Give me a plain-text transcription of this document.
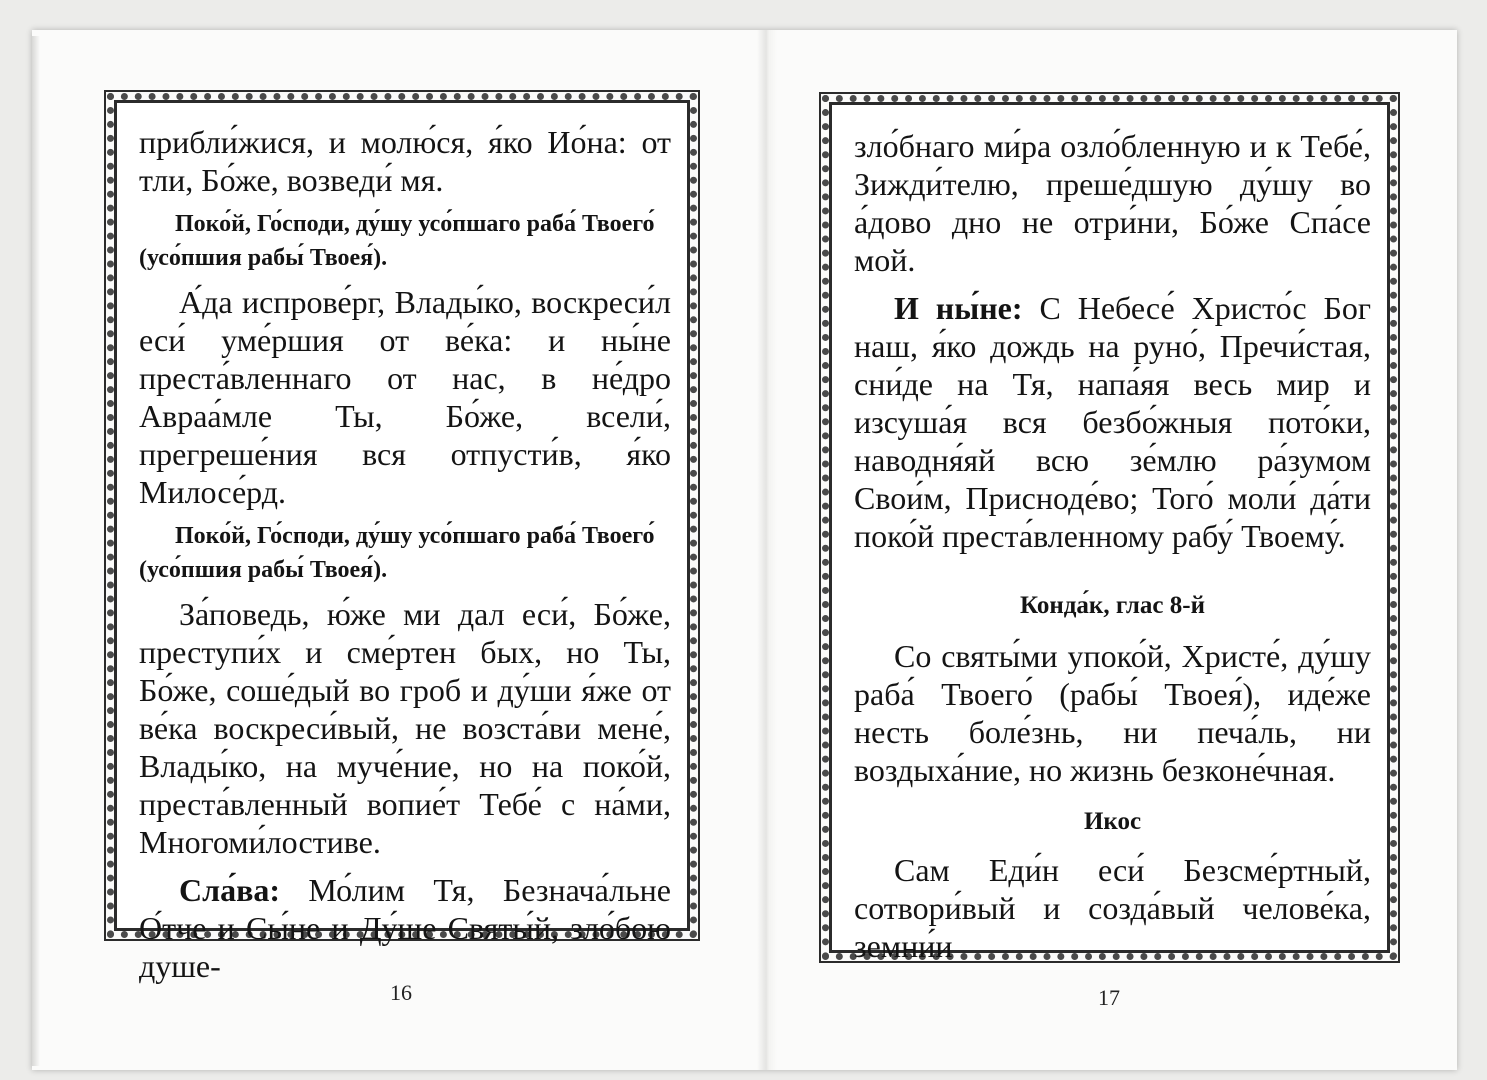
прибли́жися, и молю́ся, я́ко Ио́на: от тли, Бо́же, возведи́ мя.

Поко́й, Го́споди, ду́шу усо́пшаго раба́ Твоего́ (усо́пшия рабы́ Твоея́).

А́да испрове́рг, Влады́ко, воскреси́л еси́ уме́ршия от ве́ка: и ны́не преста́вленнаго от нас, в не́дро Авраа́мле Ты, Бо́же, всели́, прегреше́ния вся отпусти́в, я́ко Милосе́рд.

Поко́й, Го́споди, ду́шу усо́пшаго раба́ Твоего́ (усо́пшия рабы́ Твоея́).

За́поведь, ю́же ми дал еси́, Бо́же, преступи́х и сме́ртен бых, но Ты, Бо́же, соше́дый во гроб и ду́ши я́же от ве́ка воскреси́вый, не возста́ви мене́, Влады́ко, на муче́ние, но на поко́й, преста́вленный вопие́т Тебе́ с на́ми, Многоми́лостиве.

Сла́ва: Мо́лим Тя, Безнача́льне О́тче и Сы́не и Ду́ше Святы́й, зло́бою душе-

16

зло́бнаго ми́ра озло́бленную и к Тебе́, Зижди́телю, преше́дшую ду́шу во а́дово дно не отри́ни, Бо́же Спа́се мой.

И ны́не: С Небесе́ Христо́с Бог наш, я́ко дождь на руно́, Пречи́стая, сни́де на Тя, напа́яя весь мир и изсуша́я вся безбо́жныя пото́ки, наводня́яй всю зе́млю ра́зумом Свои́м, Присноде́во; Того́ моли́ да́ти поко́й преста́вленному рабу́ Твоему́.

Конда́к, глас 8-й

Со святы́ми упоко́й, Христе́, ду́шу раба́ Твоего́ (рабы́ Твоея́), иде́же несть боле́знь, ни печа́ль, ни воздыха́ние, но жизнь безконе́чная.

Икос

Сам Еди́н еси́ Безсме́ртный, сотвори́вый и созда́вый челове́ка, земни́и

17
